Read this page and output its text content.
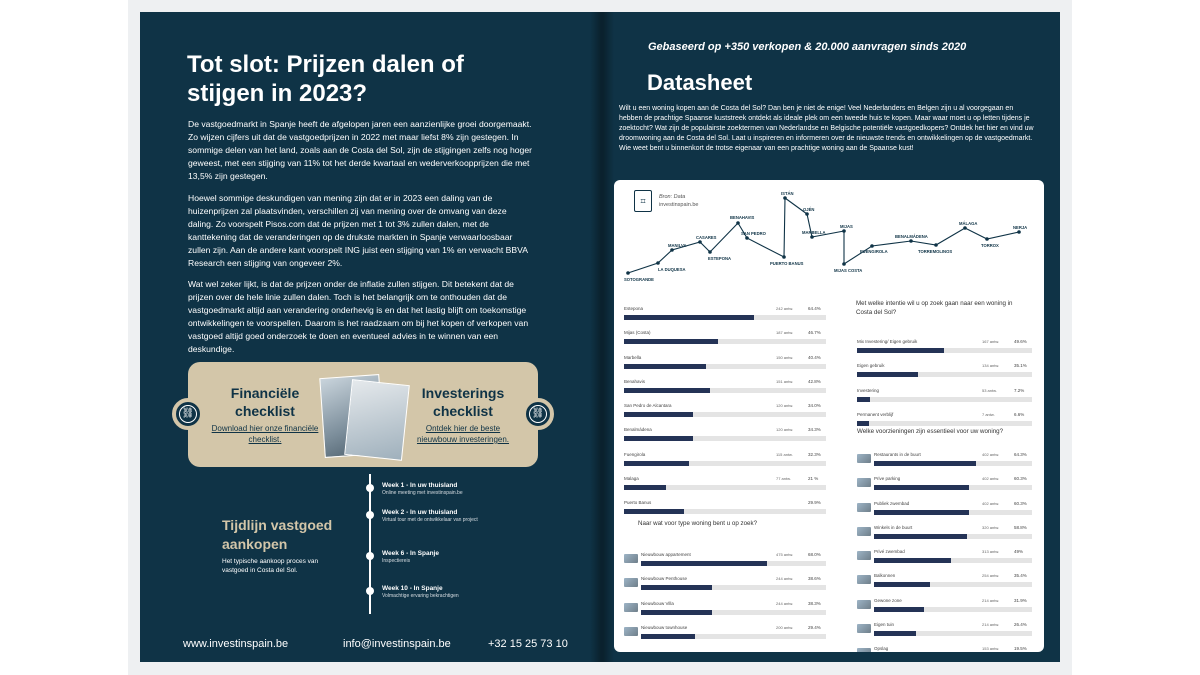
Tot slot: Prijzen dalen of stijgen in 2023?

De vastgoedmarkt in Spanje heeft de afgelopen jaren een aanzienlijke groei doorgemaakt. Zo wijzen cijfers uit dat de vastgoedprijzen in 2022 met maar liefst 8% zijn gestegen. In sommige delen van het land, zoals aan de Costa del Sol, zijn de stijgingen zelfs nog hoger geweest, met een stijging van 11% tot het derde kwartaal en wederverkoopprijzen die met 13,5% zijn gestegen.

Hoewel sommige deskundigen van mening zijn dat er in 2023 een daling van de huizenprijzen zal plaatsvinden, verschillen zij van mening over de omvang van deze daling. Zo voorspelt Pisos.com dat de prijzen met 1 tot 3% zullen dalen, met de kanttekening dat de veranderingen op de drukste markten in Spanje verwaarloosbaar zullen zijn. Aan de andere kant voorspelt ING juist een stijging van 1% en verwacht BBVA Research een stijging van ongeveer 2%.

Wat wel zeker lijkt, is dat de prijzen onder de inflatie zullen stijgen. Dit betekent dat de prijzen over de hele linie zullen dalen. Toch is het belangrijk om te onthouden dat de vastgoedmarkt altijd aan verandering onderhevig is en dat het lastig blijft om toekomstige ontwikkelingen te voorspellen. Daarom is het raadzaam om bij het kopen of verkopen van vastgoed altijd goed onderzoek te doen en eventueel advies in te winnen van een deskundige.

⛓
Financiële checklist
Download hier onze financiële checklist.
Investerings checklist
Ontdek hier de beste nieuwbouw investeringen.
⛓
Tijdlijn vastgoed aankopen
Het typische aankoop proces van vastgoed in Costa del Sol.
Week 1 - In uw thuisland
Online meeting met investinspain.be
Week 2 - In uw thuisland
Virtual tour met de ontwikkelaar van project
Week 6 - In Spanje
Inspectiereis
Week 10 - In Spanje
Volmachtige ervaring bekrachtigen
www.investinspain.be	info@investinspain.be	+32 15 25 73 10
Gebaseerd op +350 verkopen & 20.000 aanvragen sinds 2020
Datasheet

Wilt u een woning kopen aan de Costa del Sol? Dan ben je niet de enige! Veel Nederlanders en Belgen zijn u al voorgegaan en hebben de prachtige Spaanse kuststreek ontdekt als ideale plek om een tweede huis te kopen. Maar waar moet u op letten tijdens je zoektocht? Wat zijn de populairste zoektermen van Nederlandse en Belgische potentiële vastgoedkopers? Ontdek het hier en vind uw droomwoning aan de Costa del Sol. Laat u inspireren en informeren over de nieuwste trends en ontwikkelingen op de vastgoedmarkt. Wie weet bent u binnenkort de trotse eigenaar van een prachtige woning aan de Spaanse kust!

⌗	Bron: Data
investinspain.be
SOTOGRANDE
MANILVA
LA DUQUESA
CASARES
ESTEPONA
BENAHAVIS
SAN PEDRO
PUERTO BANUS
ISTÁN
OJÉN
MARBELLA
MIJAS
MIJAS COSTA
FUENGIROLA
BENALMÁDENA
TORREMOLINOS
MÁLAGA
TORROX
NERJA
Estepona	242 antw.	64.4%
Mijas (Costa)	187 antw.	46.7%
Marbella	150 antw.	40.4%
Benahavis	151 antw.	42.8%
San Pedro de Alcantara	120 antw.	34.0%
Benalmádena	120 antw.	34.3%
Fuengirola	115 antw.	32.3%
Malaga	77 antw.	21 %
Puerto Banus	29.9%
Naar wat voor type woning bent u op zoek?
Nieuwbouw appartement	475 antw.	68.0%
Nieuwbouw Penthouse	244 antw.	38.6%
Nieuwbouw Villa	244 antw.	38.3%
Nieuwbouw townhouse	200 antw.	29.4%
Met welke intentie wil u op zoek gaan naar een woning in Costa del Sol?
Mix Investering/ Eigen gebruik	167 antw.	49.6%
Eigen gebruik	134 antw.	35.1%
Investering	53 antw.	7.2%
Permanent verblijf	7 antw.	6.6%
Welke voorzieningen zijn essentieel voor uw woning?
Restaurants in de buurt	402 antw.	64.3%
Prive parking	402 antw.	60.3%
Publiek zwembad	402 antw.	60.3%
Winkels in de buurt	320 antw.	58.8%
Privé zwembad	313 antw.	49%
Balkonnen	254 antw.	35.4%
Gewone zone	214 antw.	31.9%
Eigen tuin	214 antw.	26.4%
Opslag	153 antw.	19.5% 9
